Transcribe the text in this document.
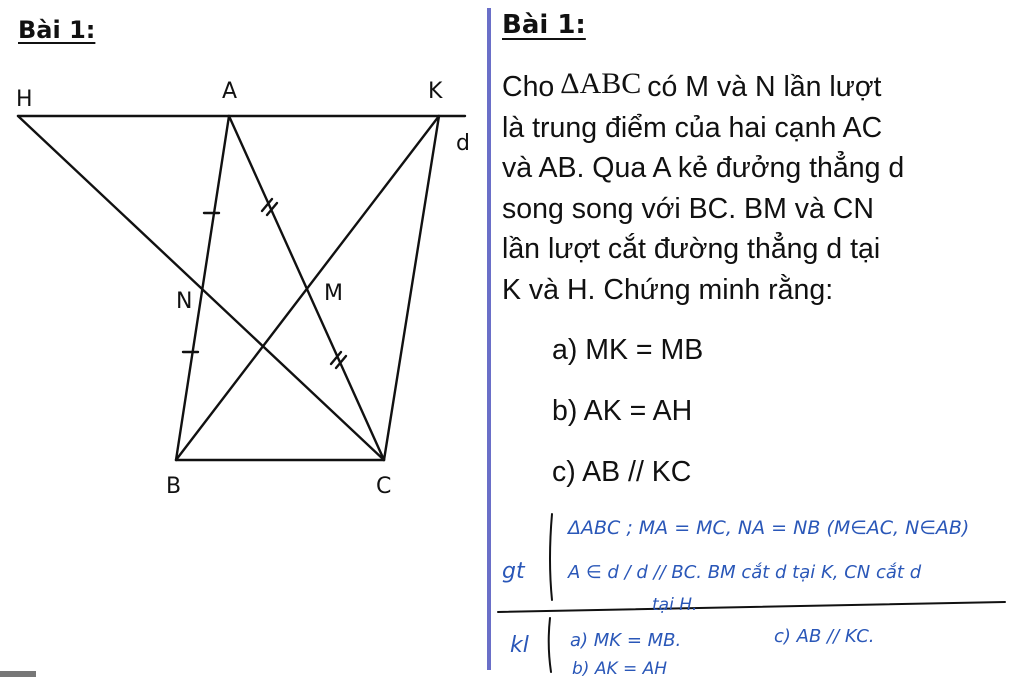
Bài 1:
H	A	K
d
N	M
B	C
Bài 1:

Cho ΔABC có M và N lần lượt

là trung điểm của hai cạnh AC

và AB. Qua A kẻ đưởng thẳng d

song song với BC. BM và CN

lần lượt cắt đường thẳng d tại

K và H. Chứng minh rằng:

a) MK = MB
b) AK = AH
c) AB // KC
gt
kl
ΔABC ; MA = MC, NA = NB (M∈AC, N∈AB)
A ∈ d / d // BC. BM cắt d tại K, CN cắt d
tại H.
a) MK = MB.	c) AB // KC.
b) AK = AH
